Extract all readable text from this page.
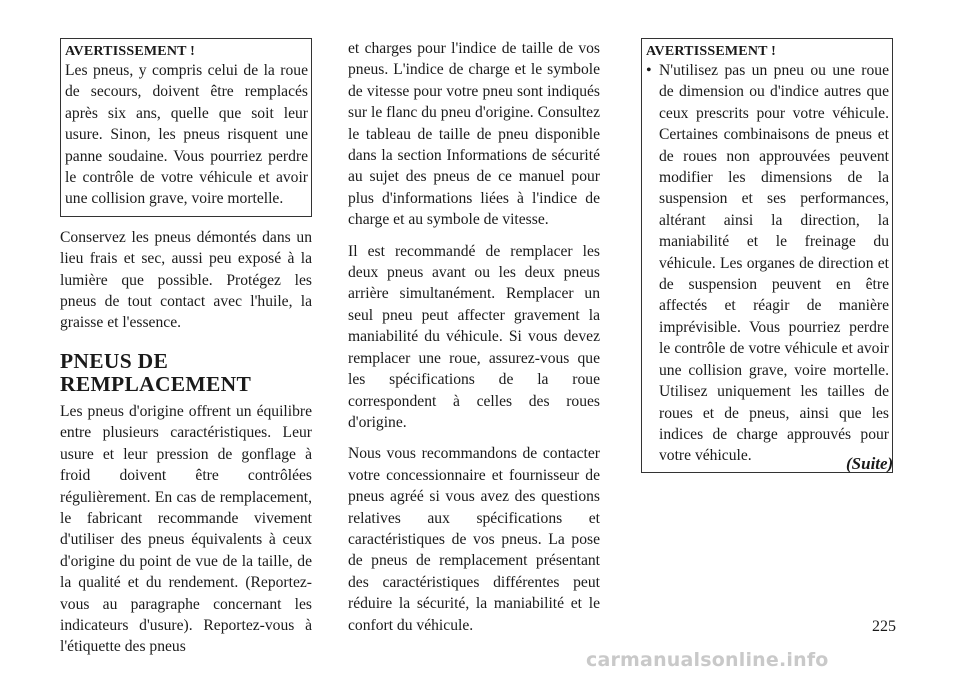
AVERTISSEMENT !

Les pneus, y compris celui de la roue de secours, doivent être remplacés après six ans, quelle que soit leur usure. Sinon, les pneus risquent une panne soudaine. Vous pourriez perdre le contrôle de votre véhicule et avoir une collision grave, voire mortelle.

Conservez les pneus démontés dans un lieu frais et sec, aussi peu exposé à la lumière que possible. Protégez les pneus de tout contact avec l'huile, la graisse et l'essence.

PNEUS DE
REMPLACEMENT

Les pneus d'origine offrent un équilibre entre plusieurs caractéristiques. Leur usure et leur pression de gonflage à froid doivent être contrôlées régulièrement. En cas de remplacement, le fabricant recommande vivement d'utiliser des pneus équivalents à ceux d'origine du point de vue de la taille, de la qualité et du rendement. (Reportez-vous au paragraphe concernant les indicateurs d'usure). Reportez-vous à l'étiquette des pneus

et charges pour l'indice de taille de vos pneus. L'indice de charge et le symbole de vitesse pour votre pneu sont indiqués sur le flanc du pneu d'origine. Consultez le tableau de taille de pneu disponible dans la section Informations de sécurité au sujet des pneus de ce manuel pour plus d'informations liées à l'indice de charge et au symbole de vitesse.

Il est recommandé de remplacer les deux pneus avant ou les deux pneus arrière simultanément. Remplacer un seul pneu peut affecter gravement la maniabilité du véhicule. Si vous devez remplacer une roue, assurez-vous que les spécifications de la roue correspondent à celles des roues d'origine.

Nous vous recommandons de contacter votre concessionnaire et fournisseur de pneus agréé si vous avez des questions relatives aux spécifications et caractéristiques de vos pneus. La pose de pneus de remplacement présentant des caractéristiques différentes peut réduire la sécurité, la maniabilité et le confort du véhicule.

AVERTISSEMENT !
• N'utilisez pas un pneu ou une roue de dimension ou d'indice autres que ceux prescrits pour votre véhicule. Certaines combinaisons de pneus et de roues non approuvées peuvent modifier les dimensions de la suspension et ses performances, altérant ainsi la direction, la maniabilité et le freinage du véhicule. Les organes de direction et de suspension peuvent en être affectés et réagir de manière imprévisible. Vous pourriez perdre le contrôle de votre véhicule et avoir une collision grave, voire mortelle. Utilisez uniquement les tailles de roues et de pneus, ainsi que les indices de charge approuvés pour votre véhicule.	(Suite)
225
carmanualsonline.info
